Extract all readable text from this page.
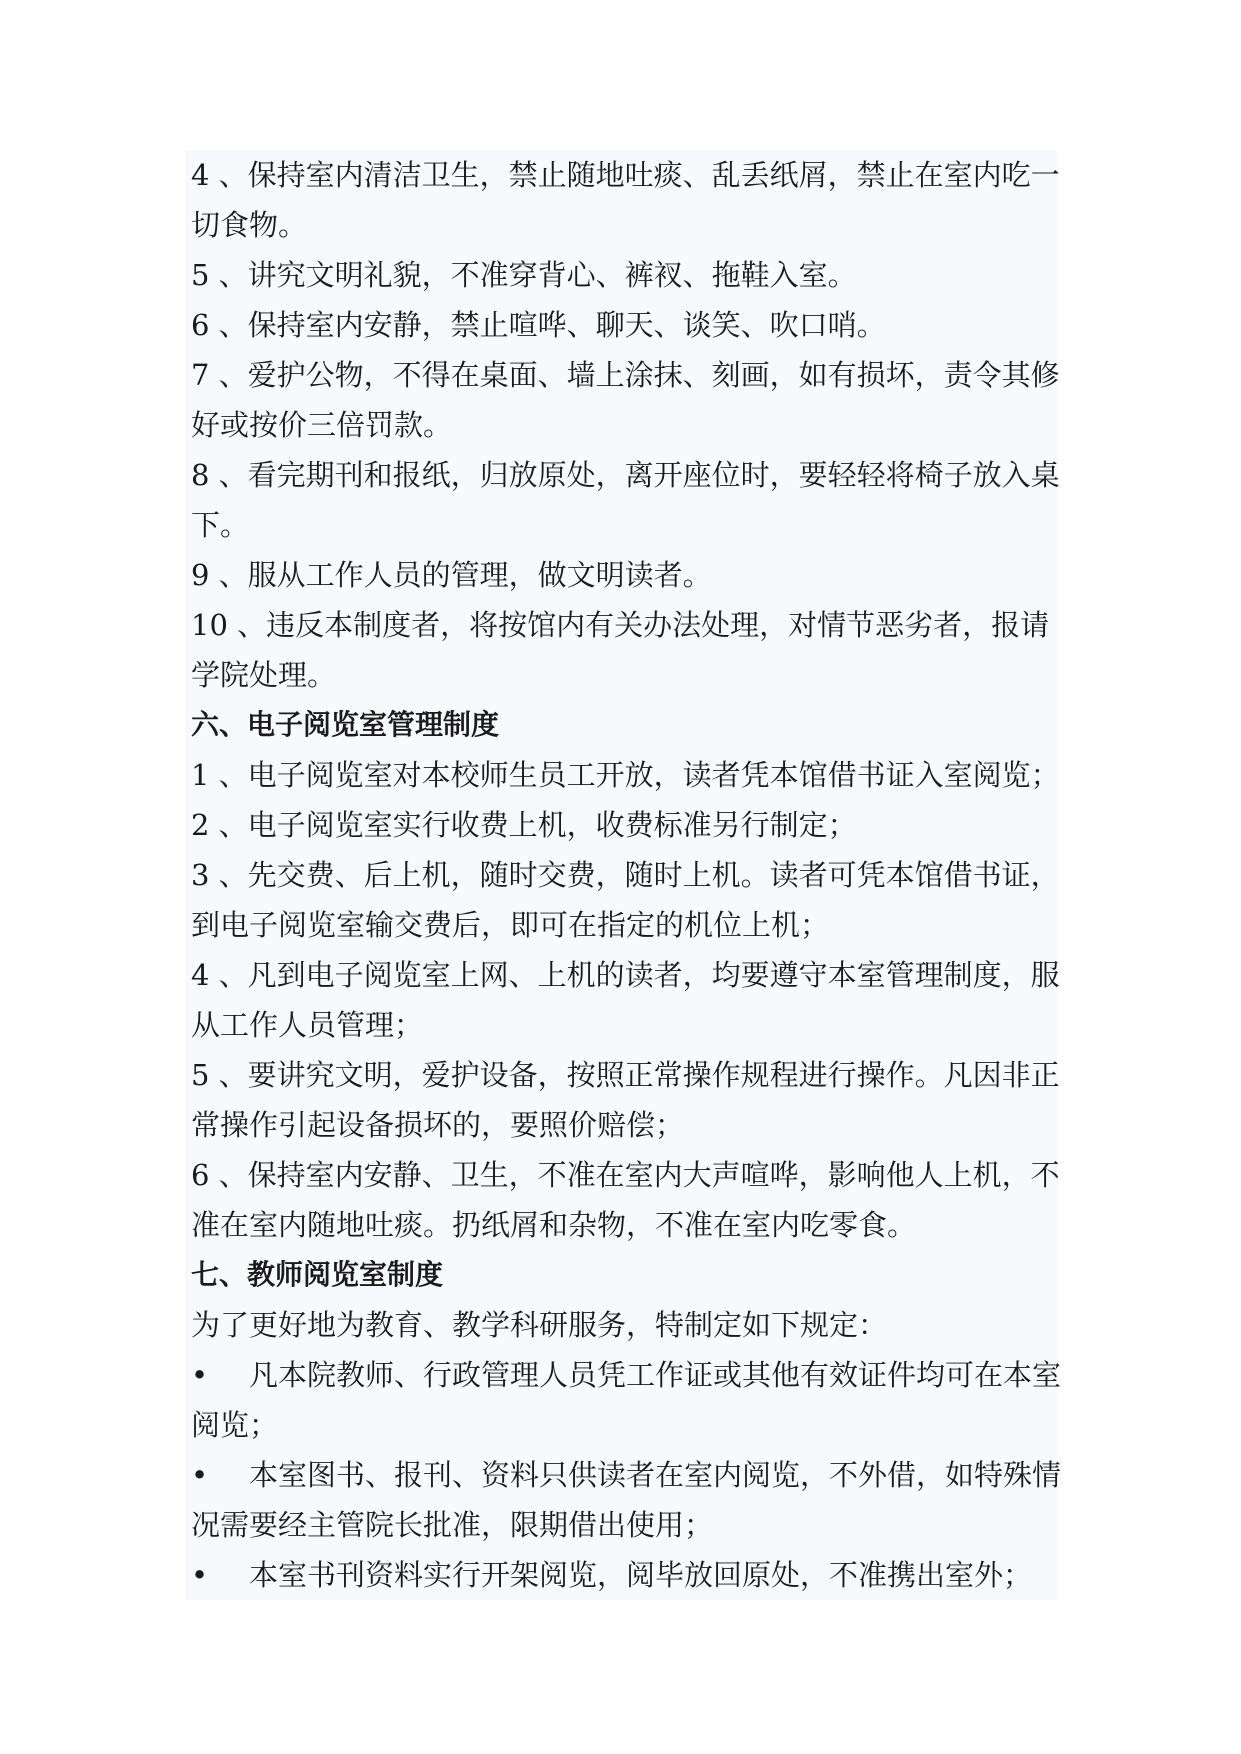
4 、保持室内清洁卫生，禁止随地吐痰、乱丢纸屑，禁止在室内吃一
切食物。
5 、讲究文明礼貌，不准穿背心、裤衩、拖鞋入室。
6 、保持室内安静，禁止喧哗、聊天、谈笑、吹口哨。
7 、爱护公物，不得在桌面、墙上涂抹、刻画，如有损坏，责令其修
好或按价三倍罚款。
8 、看完期刊和报纸，归放原处，离开座位时，要轻轻将椅子放入桌
下。
9 、服从工作人员的管理，做文明读者。
10 、违反本制度者，将按馆内有关办法处理，对情节恶劣者，报请
学院处理。
六、电子阅览室管理制度
1 、电子阅览室对本校师生员工开放，读者凭本馆借书证入室阅览；
2 、电子阅览室实行收费上机，收费标准另行制定；
3 、先交费、后上机，随时交费，随时上机。读者可凭本馆借书证，
到电子阅览室输交费后，即可在指定的机位上机；
4 、凡到电子阅览室上网、上机的读者，均要遵守本室管理制度，服
从工作人员管理；
5 、要讲究文明，爱护设备，按照正常操作规程进行操作。凡因非正
常操作引起设备损坏的，要照价赔偿；
6 、保持室内安静、卫生，不准在室内大声喧哗，影响他人上机，不
准在室内随地吐痰。扔纸屑和杂物，不准在室内吃零食。
七、教师阅览室制度
为了更好地为教育、教学科研服务，特制定如下规定：
• 凡本院教师、行政管理人员凭工作证或其他有效证件均可在本室
阅览；
• 本室图书、报刊、资料只供读者在室内阅览，不外借，如特殊情
况需要经主管院长批准，限期借出使用；
• 本室书刊资料实行开架阅览，阅毕放回原处，不准携出室外；
